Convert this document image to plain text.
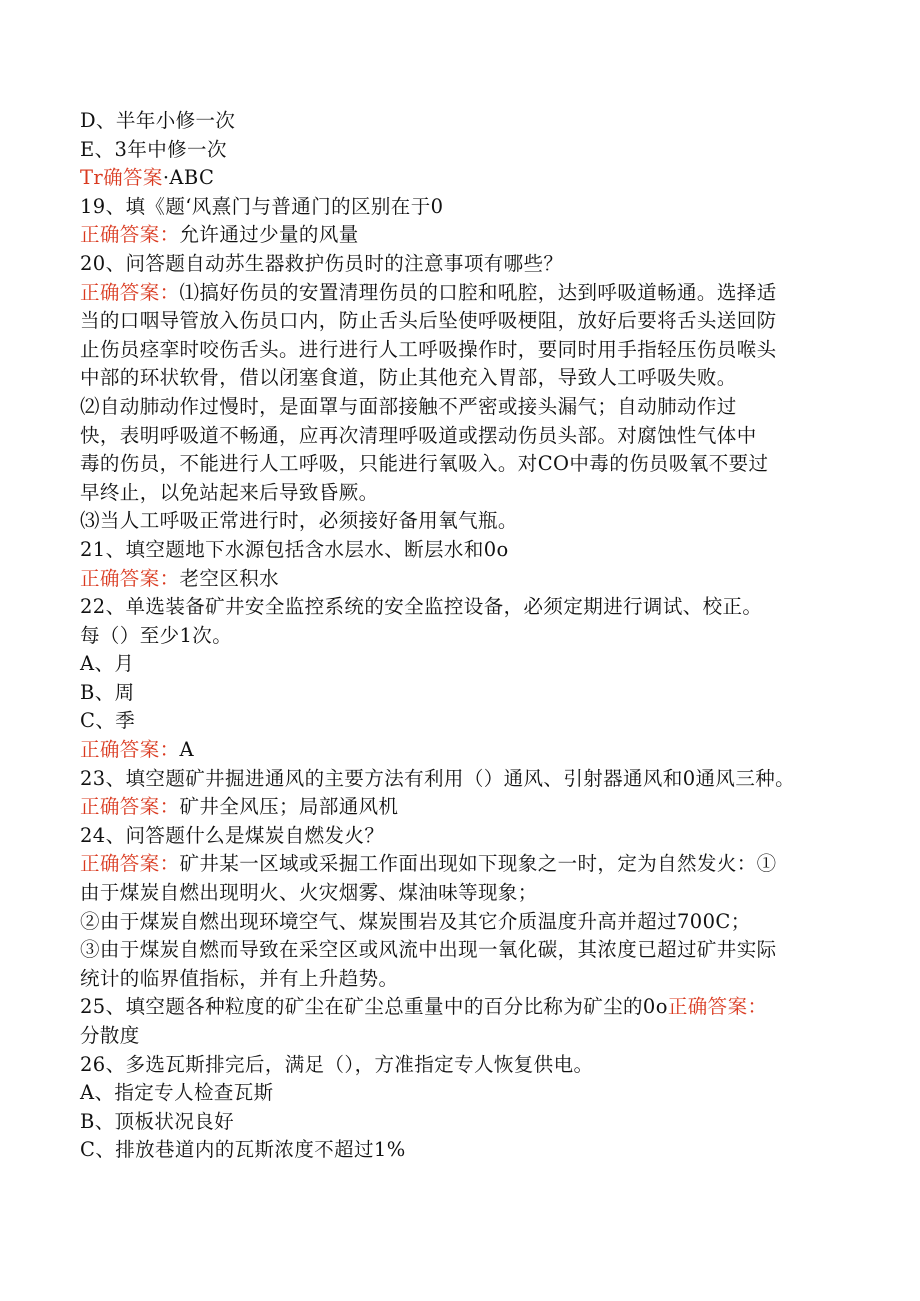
D、半年小修一次
E、3年中修一次
Tr确答案·ABC
19、填《题‘风熹门与普通门的区别在于0
正确答案：允许通过少量的风量
20、问答题自动苏生器救护伤员时的注意事项有哪些？
正确答案：⑴搞好伤员的安置清理伤员的口腔和吼腔，达到呼吸道畅通。选择适
当的口咽导管放入伤员口内，防止舌头后坠使呼吸梗阻，放好后要将舌头送回防
止伤员痉挛时咬伤舌头。进行进行人工呼吸操作时，要同时用手指轻压伤员喉头
中部的环状软骨，借以闭塞食道，防止其他充入胃部，导致人工呼吸失败。
⑵自动肺动作过慢时，是面罩与面部接触不严密或接头漏气；自动肺动作过
快，表明呼吸道不畅通，应再次清理呼吸道或摆动伤员头部。对腐蚀性气体中
毒的伤员，不能进行人工呼吸，只能进行氧吸入。对CO中毒的伤员吸氧不要过
早终止，以免站起来后导致昏厥。
⑶当人工呼吸正常进行时，必须接好备用氧气瓶。
21、填空题地下水源包括含水层水、断层水和0o
正确答案：老空区积水
22、单选装备矿井安全监控系统的安全监控设备，必须定期进行调试、校正。
每（）至少1次。
A、月
B、周
C、季
正确答案：A
23、填空题矿井掘进通风的主要方法有利用（）通风、引射器通风和0通风三种。
正确答案：矿井全风压；局部通风机
24、问答题什么是煤炭自燃发火？
正确答案：矿井某一区域或采掘工作面出现如下现象之一时，定为自然发火：①
由于煤炭自燃出现明火、火灾烟雾、煤油味等现象；
②由于煤炭自燃出现环境空气、煤炭围岩及其它介质温度升高并超过700C；
③由于煤炭自燃而导致在采空区或风流中出现一氧化碳，其浓度已超过矿井实际
统计的临界值指标，并有上升趋势。
25、填空题各种粒度的矿尘在矿尘总重量中的百分比称为矿尘的0o正确答案：
分散度
26、多选瓦斯排完后，满足（），方准指定专人恢复供电。
A、指定专人检查瓦斯
B、顶板状况良好
C、排放巷道内的瓦斯浓度不超过1%
